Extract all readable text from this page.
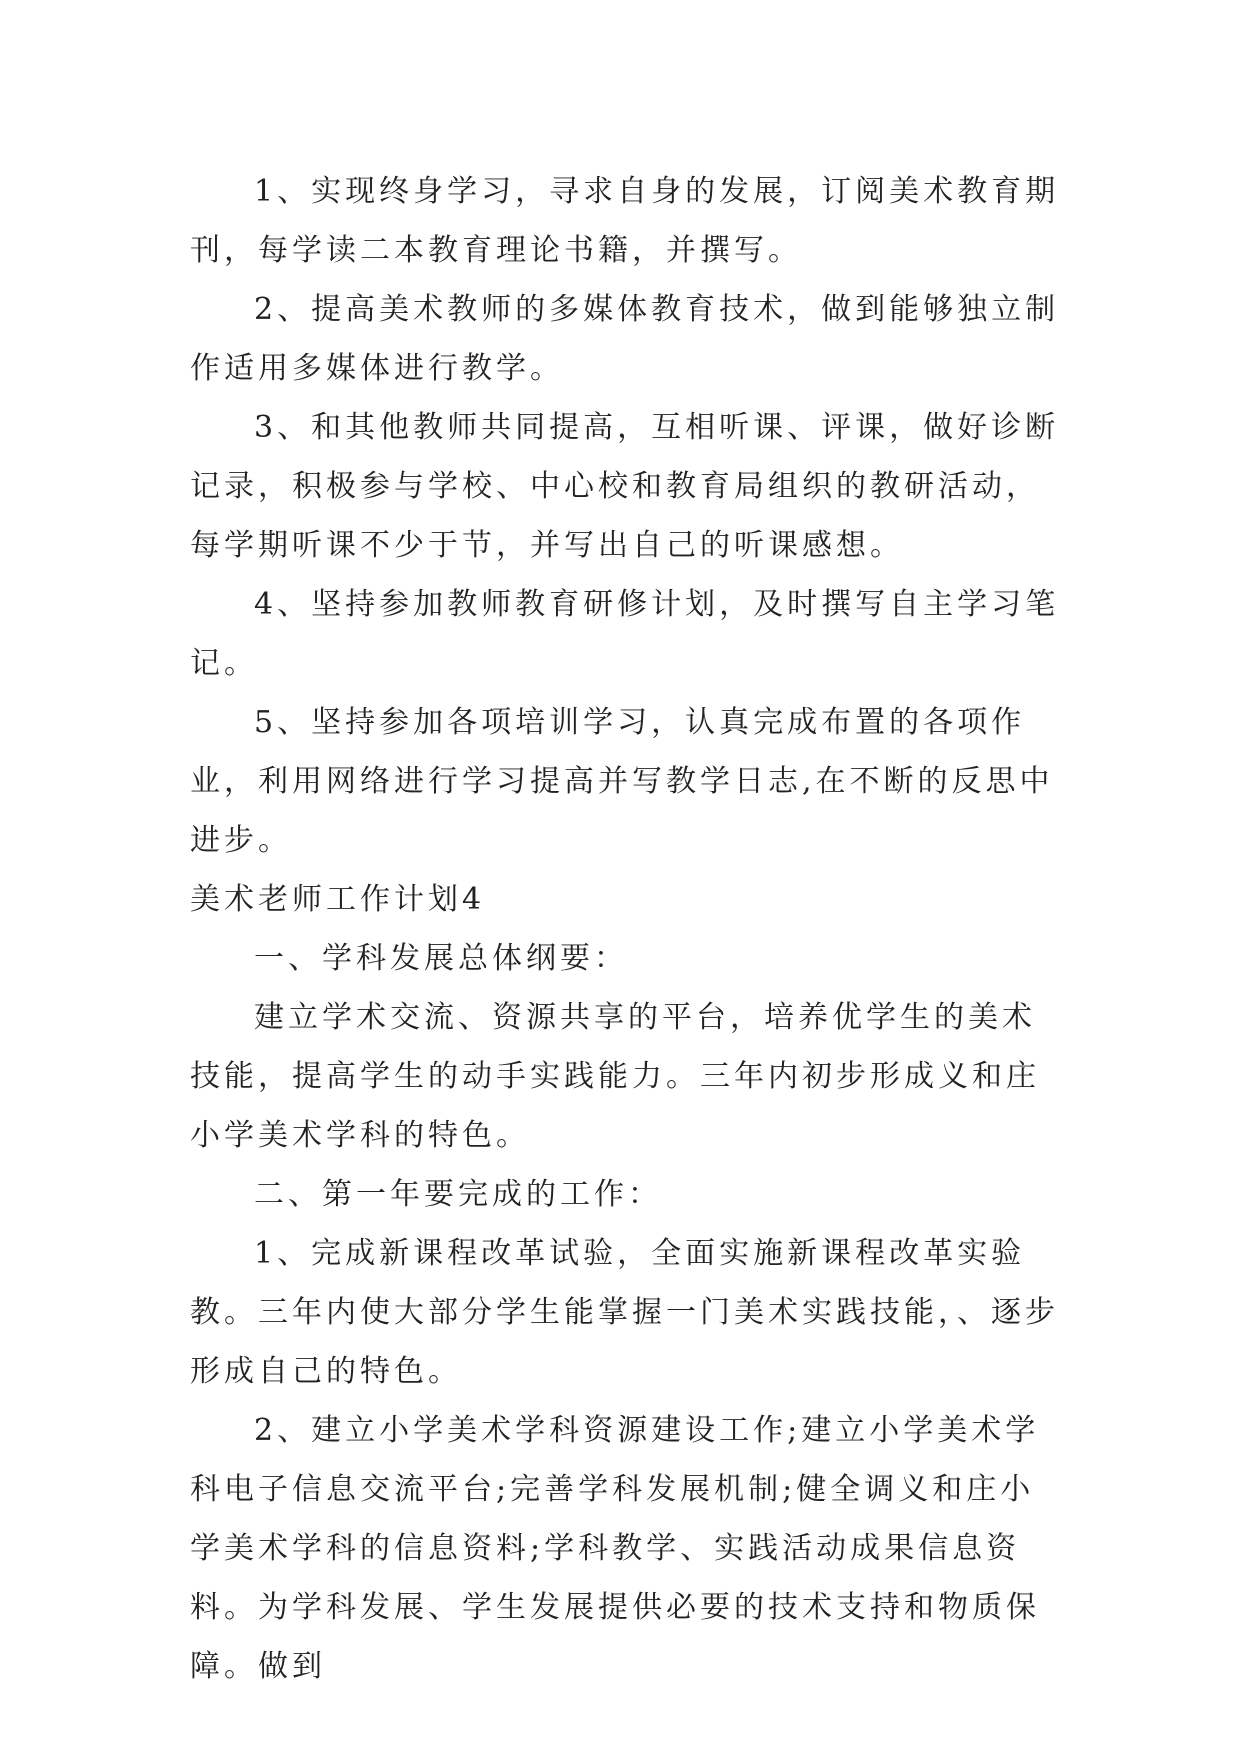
1、实现终身学习，寻求自身的发展，订阅美术教育期刊，每学读二本教育理论书籍，并撰写。

2、提高美术教师的多媒体教育技术，做到能够独立制作适用多媒体进行教学。

3、和其他教师共同提高，互相听课、评课，做好诊断记录，积极参与学校、中心校和教育局组织的教研活动，每学期听课不少于节，并写出自己的听课感想。

4、坚持参加教师教育研修计划，及时撰写自主学习笔记。

5、坚持参加各项培训学习，认真完成布置的各项作业，利用网络进行学习提高并写教学日志,在不断的反思中进步。

美术老师工作计划4

一、学科发展总体纲要：

建立学术交流、资源共享的平台，培养优学生的美术技能，提高学生的动手实践能力。三年内初步形成义和庄小学美术学科的特色。

二、第一年要完成的工作：

1、完成新课程改革试验，全面实施新课程改革实验教。三年内使大部分学生能掌握一门美术实践技能，、逐步形成自己的特色。

2、建立小学美术学科资源建设工作;建立小学美术学科电子信息交流平台;完善学科发展机制;健全调义和庄小学美术学科的信息资料;学科教学、实践活动成果信息资料。为学科发展、学生发展提供必要的技术支持和物质保障。做到
